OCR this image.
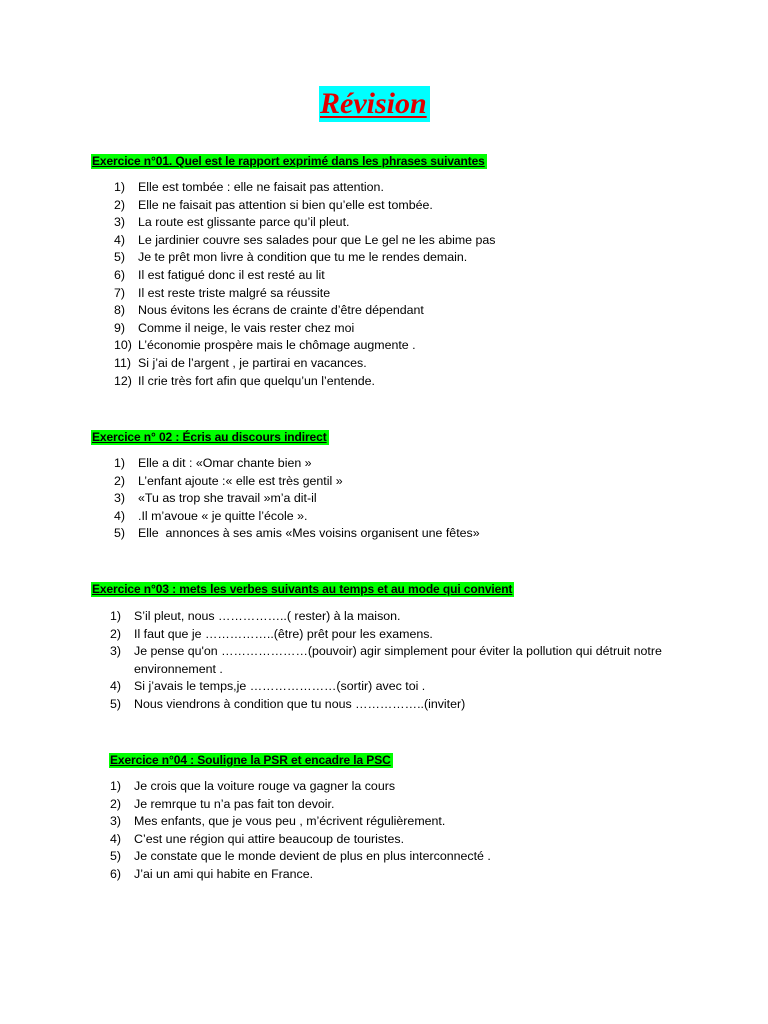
Révision
Exercice n°01. Quel est le rapport exprimé dans les phrases suivantes
1)	Elle est tombée : elle ne faisait pas attention.
2)	Elle ne faisait pas attention si bien qu’elle est tombée.
3)	La route est glissante parce qu’il pleut.
4)	Le jardinier couvre ses salades pour que Le gel ne les abime pas
5)	Je te prêt mon livre à condition que tu me le rendes demain.
6)	Il est fatigué donc il est resté au lit
7)	Il est reste triste malgré sa réussite
8)	Nous évitons les écrans de crainte d’être dépendant
9)	Comme il neige, le vais rester chez moi
10) L’économie prospère mais le chômage augmente .
11) Si j’ai de l’argent , je partirai en vacances.
12) Il crie très fort afin que quelqu’un l’entende.
Exercice n° 02 : Écris au discours indirect
1)	Elle a dit : «Omar chante bien »
2)	L’enfant ajoute :« elle est très gentil »
3)	«Tu as trop she travail »m’a dit-il
4)	.Il m’avoue « je quitte l’école ».
5)	Elle  annonces à ses amis «Mes voisins organisent une fêtes»
Exercice n°03 : mets les verbes suivants au temps et au mode qui convient
1)	S’il pleut, nous ……………..( rester) à la maison.
2)	Il faut que je ……………..(être) prêt pour les examens.
3)	Je pense qu'on …………………(pouvoir) agir simplement pour éviter la pollution qui détruit notre environnement .
4)	Si j’avais le temps,je …………………(sortir) avec toi .
5)	Nous viendrons à condition que tu nous ……………..(inviter)
Exercice n°04 : Souligne la PSR et encadre la PSC
1)	Je crois que la voiture rouge va gagner la cours
2)	Je remrque tu n’a pas fait ton devoir.
3)	Mes enfants, que je vous peu , m’écrivent régulièrement.
4)	C’est une région qui attire beaucoup de touristes.
5)	Je constate que le monde devient de plus en plus interconnecté .
6)	J’ai un ami qui habite en France.
